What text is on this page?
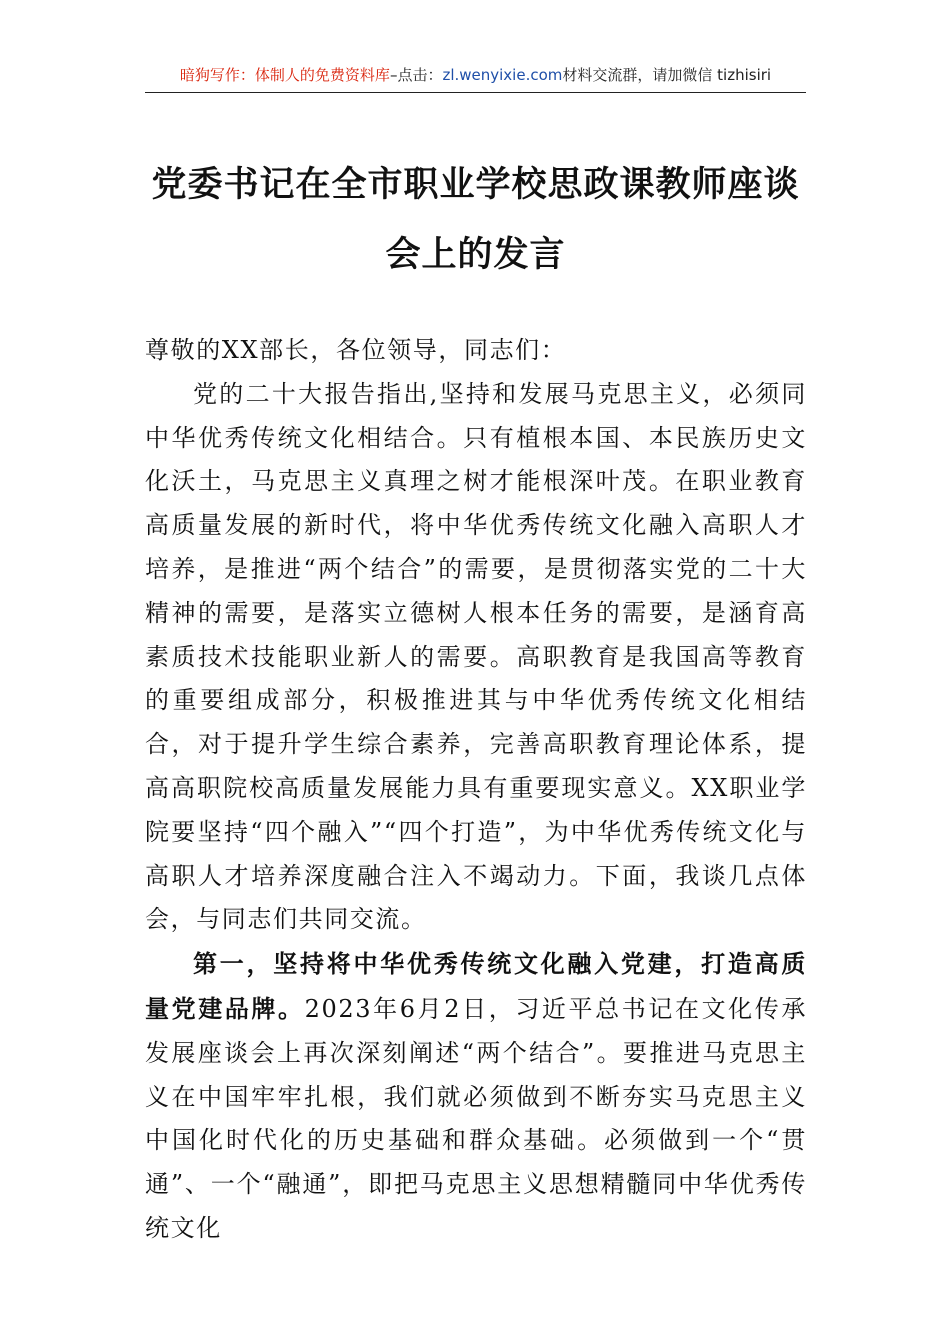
暗狗写作：体制人的免费资料库–点击：zl.wenyixie.com材料交流群，请加微信 tizhisiri
党委书记在全市职业学校思政课教师座谈
会上的发言

尊敬的XX部长，各位领导，同志们：

党的二十大报告指出,坚持和发展马克思主义，必须同中华优秀传统文化相结合。只有植根本国、本民族历史文化沃土，马克思主义真理之树才能根深叶茂。在职业教育高质量发展的新时代，将中华优秀传统文化融入高职人才培养，是推进“两个结合”的需要，是贯彻落实党的二十大精神的需要，是落实立德树人根本任务的需要，是涵育高素质技术技能职业新人的需要。高职教育是我国高等教育的重要组成部分，积极推进其与中华优秀传统文化相结合，对于提升学生综合素养，完善高职教育理论体系，提高高职院校高质量发展能力具有重要现实意义。XX职业学院要坚持“四个融入”“四个打造”，为中华优秀传统文化与高职人才培养深度融合注入不竭动力。下面，我谈几点体会，与同志们共同交流。

第一，坚持将中华优秀传统文化融入党建，打造高质量党建品牌。2023年6月2日，习近平总书记在文化传承发展座谈会上再次深刻阐述“两个结合”。要推进马克思主义在中国牢牢扎根，我们就必须做到不断夯实马克思主义中国化时代化的历史基础和群众基础。必须做到一个“贯通”、一个“融通”，即把马克思主义思想精髓同中华优秀传统文化
